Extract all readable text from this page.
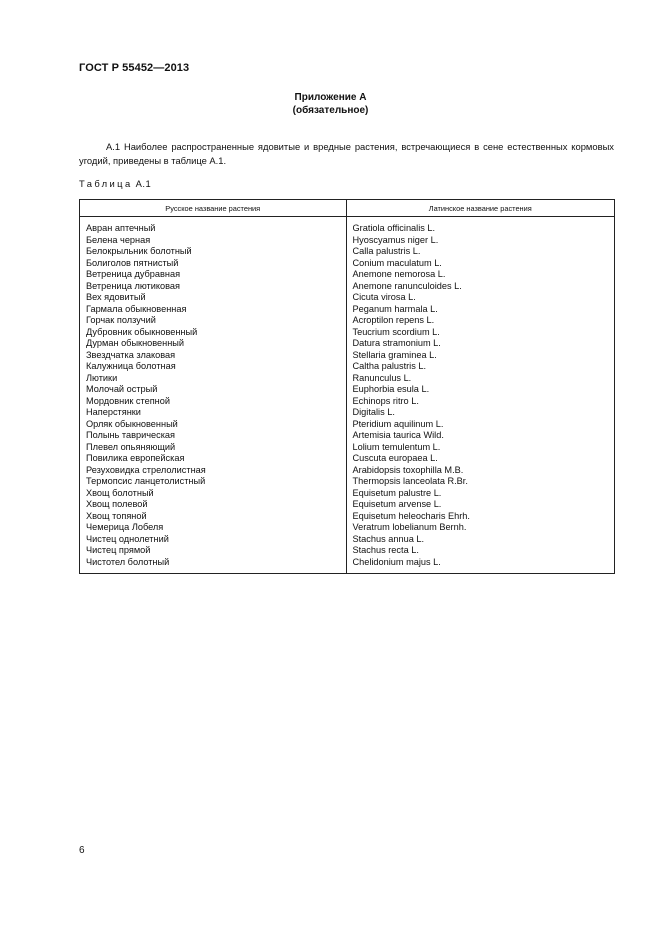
ГОСТ Р 55452—2013
Приложение А
(обязательное)
А.1 Наиболее распространенные ядовитые и вредные растения, встречающиеся в сене естественных кормовых угодий, приведены в таблице А.1.
Таблица А.1
Русское название растения	Латинское название растения
Авран аптечный	Gratiola officinalis L.
Белена черная	Hyoscyamus niger L.
Белокрыльник болотный	Calla palustris L.
Болиголов пятнистый	Conium maculatum L.
Ветреница дубравная	Anemone nemorosa L.
Ветреница лютиковая	Anemone ranunculoides L.
Вех ядовитый	Cicuta virosa L.
Гармала обыкновенная	Peganum harmala L.
Горчак ползучий	Acroptilon repens L.
Дубровник обыкновенный	Teucrium scordium L.
Дурман обыкновенный	Datura stramonium L.
Звездчатка злаковая	Stellaria graminea L.
Калужница болотная	Caltha palustris L.
Лютики	Ranunculus L.
Молочай острый	Euphorbia esula L.
Мордовник степной	Echinops ritro L.
Наперстянки	Digitalis L.
Орляк обыкновенный	Pteridium aquilinum L.
Полынь таврическая	Artemisia taurica Wild.
Плевел опьяняющий	Lolium temulentum L.
Повилика европейская	Cuscuta europaea L.
Резуховидка стрелолистная	Arabidopsis toxophilla M.B.
Термопсис ланцетолистный	Thermopsis lanceolata R.Br.
Хвощ болотный	Equisetum palustre L.
Хвощ полевой	Equisetum arvense L.
Хвощ топяной	Equisetum heleocharis Ehrh.
Чемерица Лобеля	Veratrum lobelianum Bernh.
Чистец однолетний	Stachus annua L.
Чистец прямой	Stachus recta L.
Чистотел болотный	Chelidonium majus L.
6
